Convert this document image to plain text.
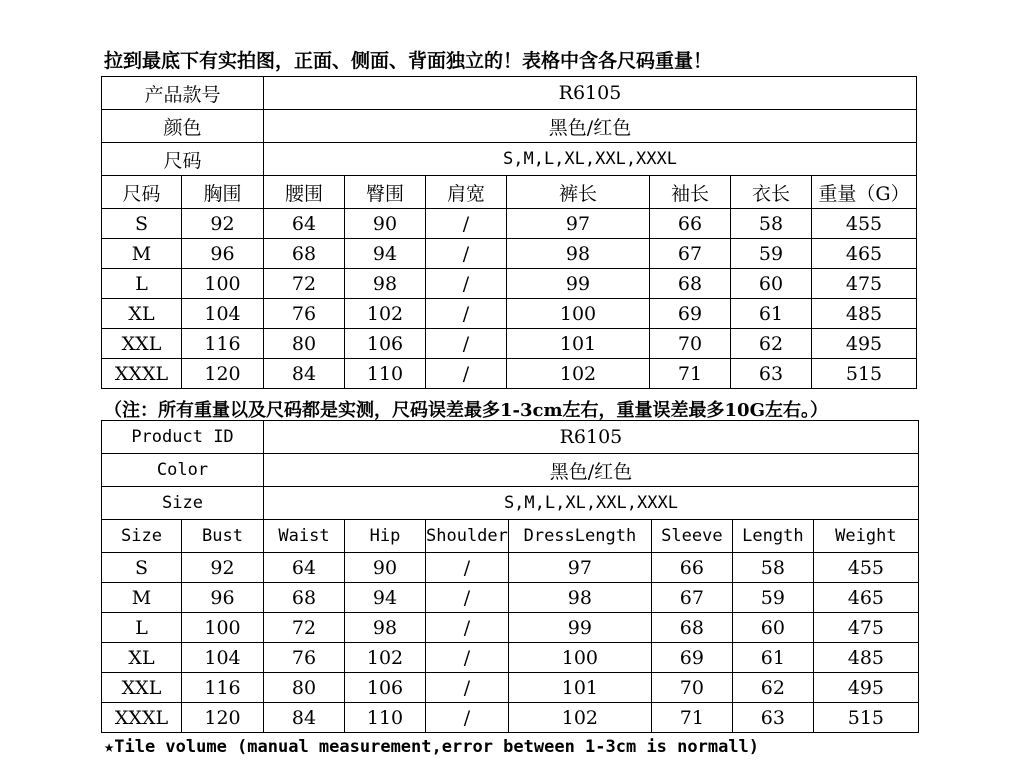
拉到最底下有实拍图，正面、侧面、背面独立的！表格中含各尺码重量！
产品款号		R6105						
颜色		黑色/红色						
尺码		S,M,L,XL,XXL,XXXL						
尺码	胸围	腰围	臀围	肩宽	裤长	袖长	衣长	重量（G）
S	92	64	90	/	97	66	58	455
M	96	68	94	/	98	67	59	465
L	100	72	98	/	99	68	60	475
XL	104	76	102	/	100	69	61	485
XXL	116	80	106	/	101	70	62	495
XXXL	120	84	110	/	102	71	63	515
（注：所有重量以及尺码都是实测，尺码误差最多1-3cm左右，重量误差最多10G左右。）
Product ID		R6105						
Color		黑色/红色						
Size		S,M,L,XL,XXL,XXXL						
Size	Bust	Waist	Hip	Shoulder	DressLength	Sleeve	Length	Weight
S	92	64	90	/	97	66	58	455
M	96	68	94	/	98	67	59	465
L	100	72	98	/	99	68	60	475
XL	104	76	102	/	100	69	61	485
XXL	116	80	106	/	101	70	62	495
XXXL	120	84	110	/	102	71	63	515
★Tile volume (manual measurement,error between 1-3cm is normall)
